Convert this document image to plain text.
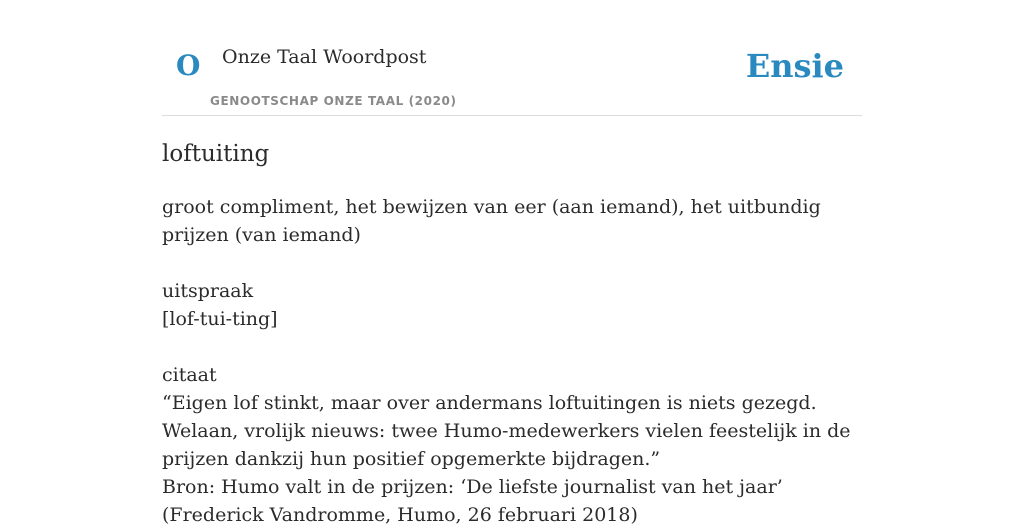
O Onze Taal Woordpost
GENOOTSCHAP ONZE TAAL (2020)
Ensie
loftuiting

groot compliment, het bewijzen van eer (aan iemand), het uitbundig prijzen (van iemand)

uitspraak

[lof-tui-ting]

citaat

“Eigen lof stinkt, maar over andermans loftuitingen is niets gezegd. Welaan, vrolijk nieuws: twee Humo-medewerkers vielen feestelijk in de prijzen dankzij hun positief opgemerkte bijdragen.”

Bron: Humo valt in de prijzen: ‘De liefste journalist van het jaar’ (Frederick Vandromme, Humo, 26 februari 2018)
